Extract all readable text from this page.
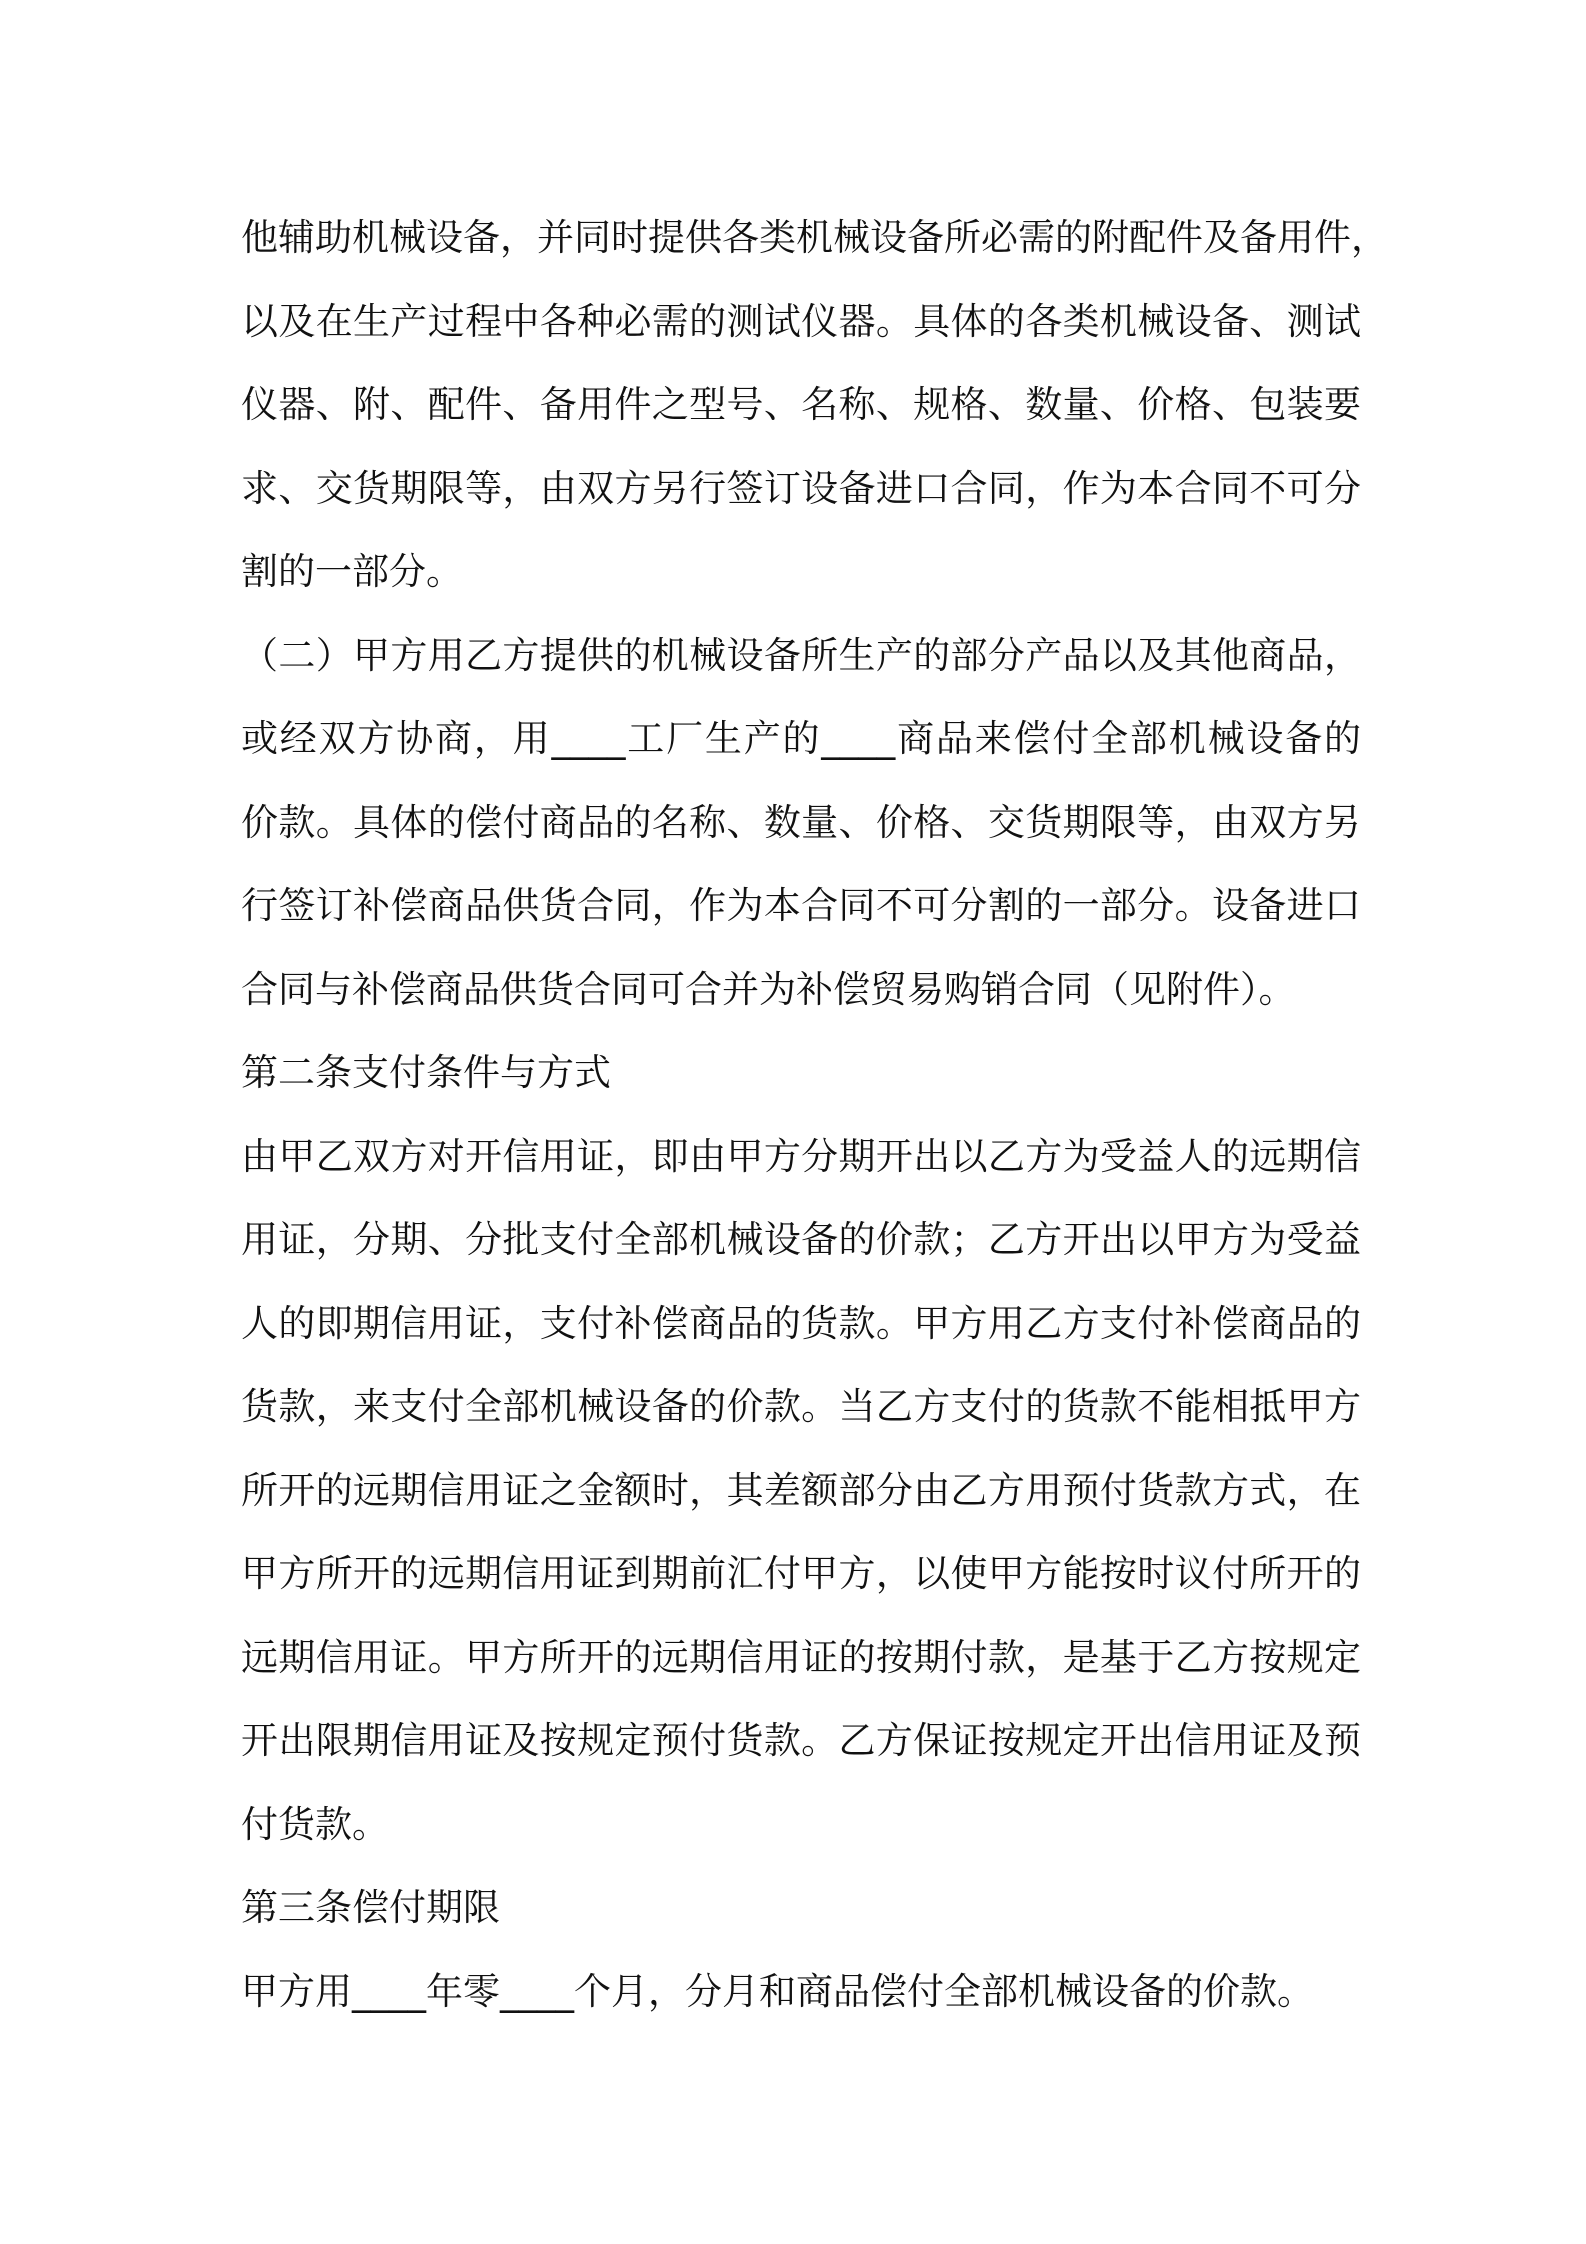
他辅助机械设备，并同时提供各类机械设备所必需的附配件及备用件，
以及在生产过程中各种必需的测试仪器。具体的各类机械设备、测试
仪器、附、配件、备用件之型号、名称、规格、数量、价格、包装要
求、交货期限等，由双方另行签订设备进口合同，作为本合同不可分
割的一部分。
（二）甲方用乙方提供的机械设备所生产的部分产品以及其他商品，
或经双方协商，用____工厂生产的____商品来偿付全部机械设备的
价款。具体的偿付商品的名称、数量、价格、交货期限等，由双方另
行签订补偿商品供货合同，作为本合同不可分割的一部分。设备进口
合同与补偿商品供货合同可合并为补偿贸易购销合同（见附件）。
第二条支付条件与方式
由甲乙双方对开信用证，即由甲方分期开出以乙方为受益人的远期信
用证，分期、分批支付全部机械设备的价款；乙方开出以甲方为受益
人的即期信用证，支付补偿商品的货款。甲方用乙方支付补偿商品的
货款，来支付全部机械设备的价款。当乙方支付的货款不能相抵甲方
所开的远期信用证之金额时，其差额部分由乙方用预付货款方式，在
甲方所开的远期信用证到期前汇付甲方，以使甲方能按时议付所开的
远期信用证。甲方所开的远期信用证的按期付款，是基于乙方按规定
开出限期信用证及按规定预付货款。乙方保证按规定开出信用证及预
付货款。
第三条偿付期限
甲方用____年零____个月，分月和商品偿付全部机械设备的价款。
